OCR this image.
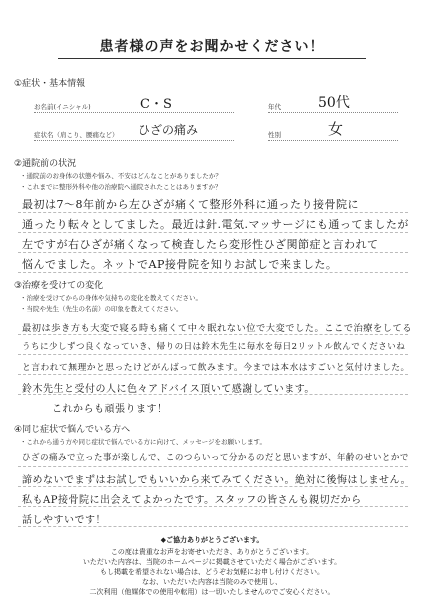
患者様の声をお聞かせください！
①症状・基本情報
お名前(イニシャル)	C・S	年代	50代
症状名（肩こり、腰痛など） ひざの痛み	性別	女
②通院前の状況
・通院前のお身体の状態や悩み、不安はどんなことがありましたか？
・これまでに整形外科や他の治療院へ通院されたことはありますか？
最初は7〜8年前から左ひざが痛くて整形外科に通ったり接骨院に
通ったり転々としてました。最近は針.電気.マッサージにも通ってましたが
左ですが右ひざが痛くなって検査したら変形性ひざ関節症と言われて
悩んでました。ネットでAP接骨院を知りお試しで来ました。
③治療を受けての変化
・治療を受けてからの身体や気持ちの変化を教えてください。
・当院や先生（先生の名前）の印象を教えてください。
最初は歩き方も大変で寝る時も痛くて中々眠れない位で大変でした。ここで治療をしてる
うちに少しずつ良くなっていき、帰りの日は鈴木先生に毎水を毎日2リットル飲んでくださいね
と言われて無理かと思ったけどがんばって飲みます。今までは本水はすごいと気付けました。
鈴木先生と受付の人に色々アドバイス頂いて感謝しています。
これからも頑張ります！
④同じ症状で悩んでいる方へ
・これから通う方や同じ症状で悩んでいる方に向けて、メッセージをお願いします。
ひざの痛みで立った事が楽しんで、このつらいって分かるのだと思いますが、年齢のせいとかで
諦めないでまずはお試しでもいいから来てみてください。絶対に後悔はしません。
私もAP接骨院に出会えてよかったです。スタッフの皆さんも親切だから
話しやすいです！
◆ご協力ありがとうございます。
この度は貴重なお声をお寄せいただき、ありがとうございます。
いただいた内容は、当院のホームページに掲載させていただく場合がございます。
もし掲載を希望されない場合は、どうぞお気軽にお申し付けください。
なお、いただいた内容は当院のみで使用し、
二次利用（他媒体での使用や転用）は一切いたしませんのでご安心ください。
